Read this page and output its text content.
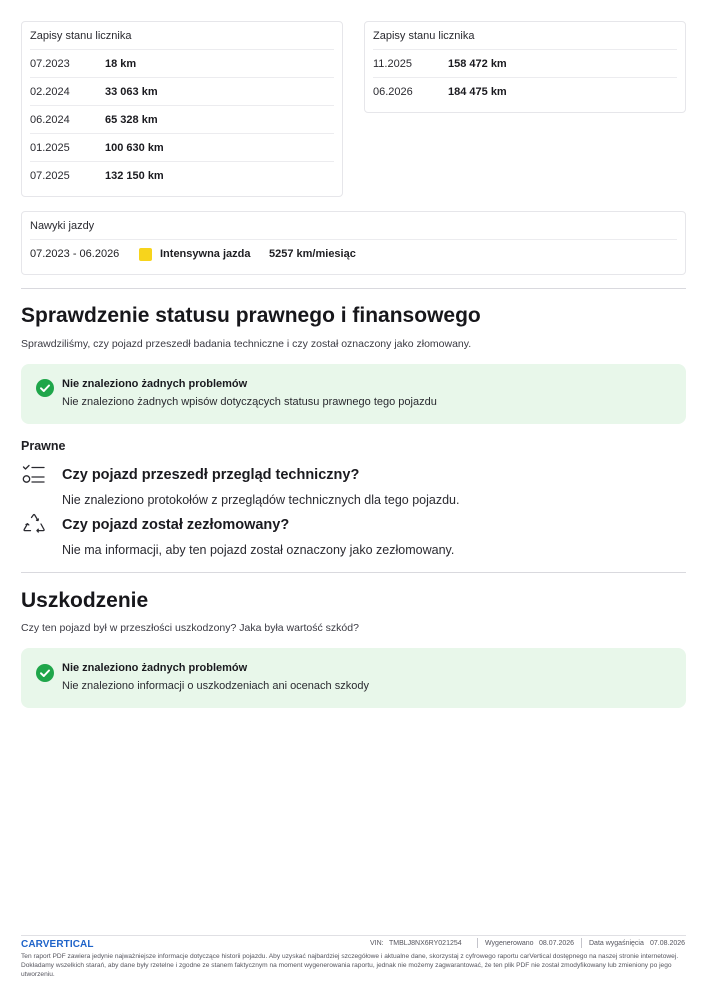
Zapisy stanu licznika
07.2023	18 km
02.2024	33 063 km
06.2024	65 328 km
01.2025	100 630 km
07.2025	132 150 km
Zapisy stanu licznika
11.2025	158 472 km
06.2026	184 475 km
Nawyki jazdy
07.2023 - 06.2026	Intensywna jazda	5257 km/miesiąc
Sprawdzenie statusu prawnego i finansowego
Sprawdziliśmy, czy pojazd przeszedł badania techniczne i czy został oznaczony jako złomowany.
Nie znaleziono żadnych problemów
Nie znaleziono żadnych wpisów dotyczących statusu prawnego tego pojazdu
Prawne
Czy pojazd przeszedł przegląd techniczny?
Nie znaleziono protokołów z przeglądów technicznych dla tego pojazdu.
Czy pojazd został zezłomowany?
Nie ma informacji, aby ten pojazd został oznaczony jako zezłomowany.
Uszkodzenie
Czy ten pojazd był w przeszłości uszkodzony? Jaka była wartość szkód?
Nie znaleziono żadnych problemów
Nie znaleziono informacji o uszkodzeniach ani ocenach szkody
CARVERTICAL	VIN: TMBLJ8NX6RY021254	Wygenerowano 08.07.2026 Data wygaśnięcia 07.08.2026
Ten raport PDF zawiera jedynie najważniejsze informacje dotyczące historii pojazdu. Aby uzyskać najbardziej szczegółowe i aktualne dane, skorzystaj z cyfrowego raportu carVertical dostępnego na naszej stronie internetowej. Dokładamy wszelkich starań, aby dane były rzetelne i zgodne ze stanem faktycznym na moment wygenerowania raportu, jednak nie możemy zagwarantować, że ten plik PDF nie został zmodyfikowany lub zmieniony po jego utworzeniu.
